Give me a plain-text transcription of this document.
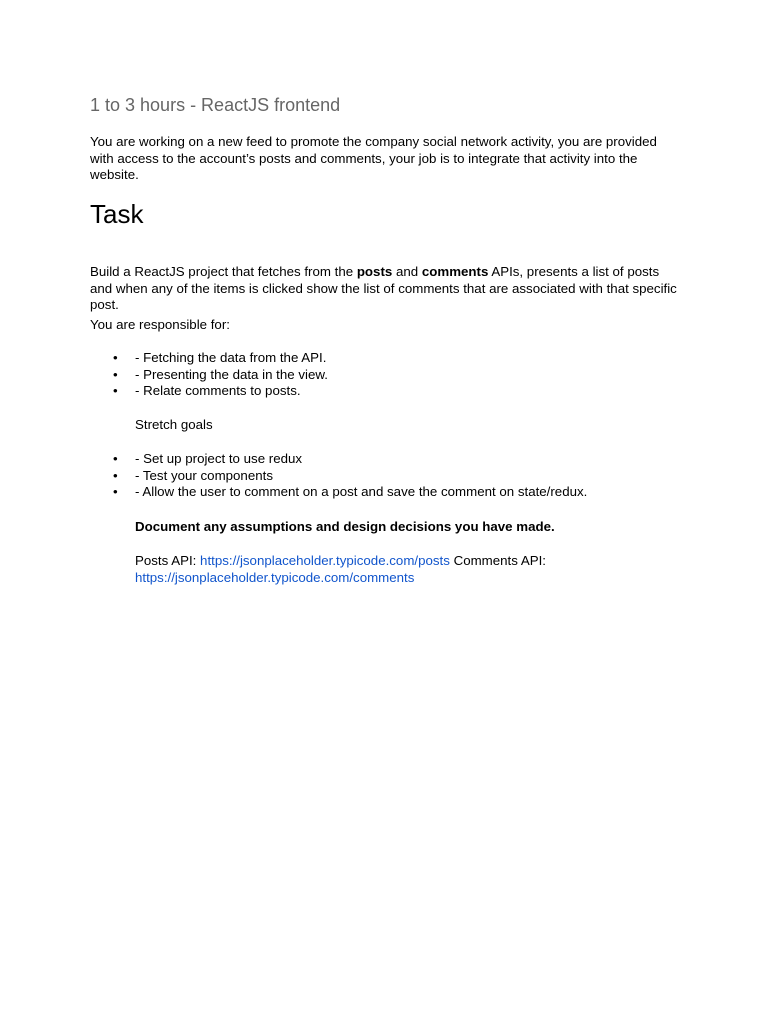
1 to 3 hours - ReactJS frontend

You are working on a new feed to promote the company social network activity, you are provided with access to the account’s posts and comments, your job is to integrate that activity into the website.

Task

Build a ReactJS project that fetches from the posts and comments APIs, presents a list of posts and when any of the items is clicked show the list of comments that are associated with that specific post.

You are responsible for:

• - Fetching the data from the API.
• - Presenting the data in the view.
• - Relate comments to posts.

Stretch goals

• - Set up project to use redux
• - Test your components
• - Allow the user to comment on a post and save the comment on state/redux.

Document any assumptions and design decisions you have made.

Posts API: https://jsonplaceholder.typicode.com/posts Comments API: https://jsonplaceholder.typicode.com/comments
